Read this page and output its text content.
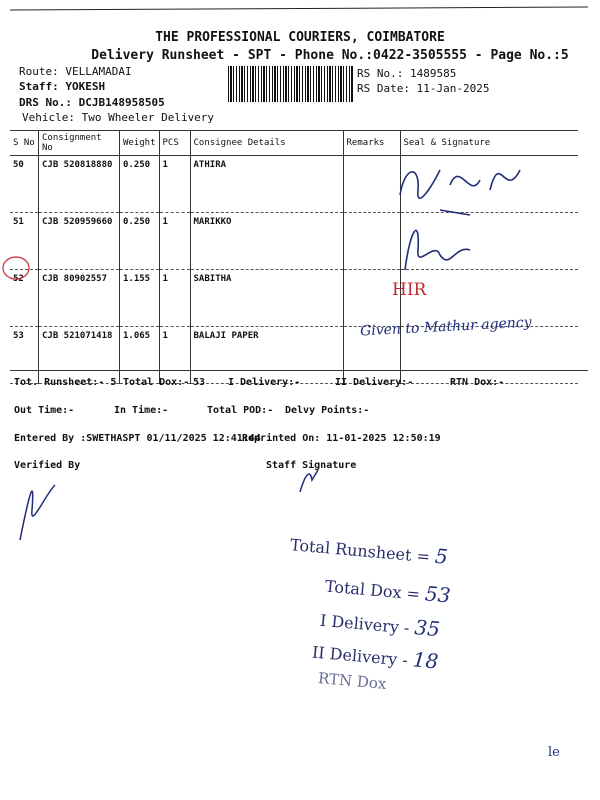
THE PROFESSIONAL COURIERS, COIMBATORE
Delivery Runsheet - SPT - Phone No.:0422-3505555 - Page No.:5
Route: VELLAMADAI
Staff: YOKESH
DRS No.: DCJB148958505
Vehicle: Two Wheeler Delivery
RS No.: 1489585
RS Date: 11-Jan-2025
S No	Consignment No	Weight	PCS	Consignee Details	Remarks	Seal & Signature
50	CJB 520818880	0.250	1	ATHIRA		
51	CJB 520959660	0.250	1	MARIKKO		
52	CJB 80902557	1.155	1	SABITHA		
53	CJB 521071418	1.065	1	BALAJI PAPER		
HIR
Given to Mathur agency
Tot. Runsheet:- 5 Total Dox:- 53 I Delivery:-	II Delivery:-	RTN Dox:-
Out Time:-	In Time:-	Total POD:- Delvy Points:-
Entered By :SWETHASPT 01/11/2025 12:41:44
Reprinted On: 11-01-2025 12:50:19
Verified By	Staff Signature
Total Runsheet = 5
Total Dox = 53
I Delivery - 35
II Delivery - 18
RTN Dox
le
